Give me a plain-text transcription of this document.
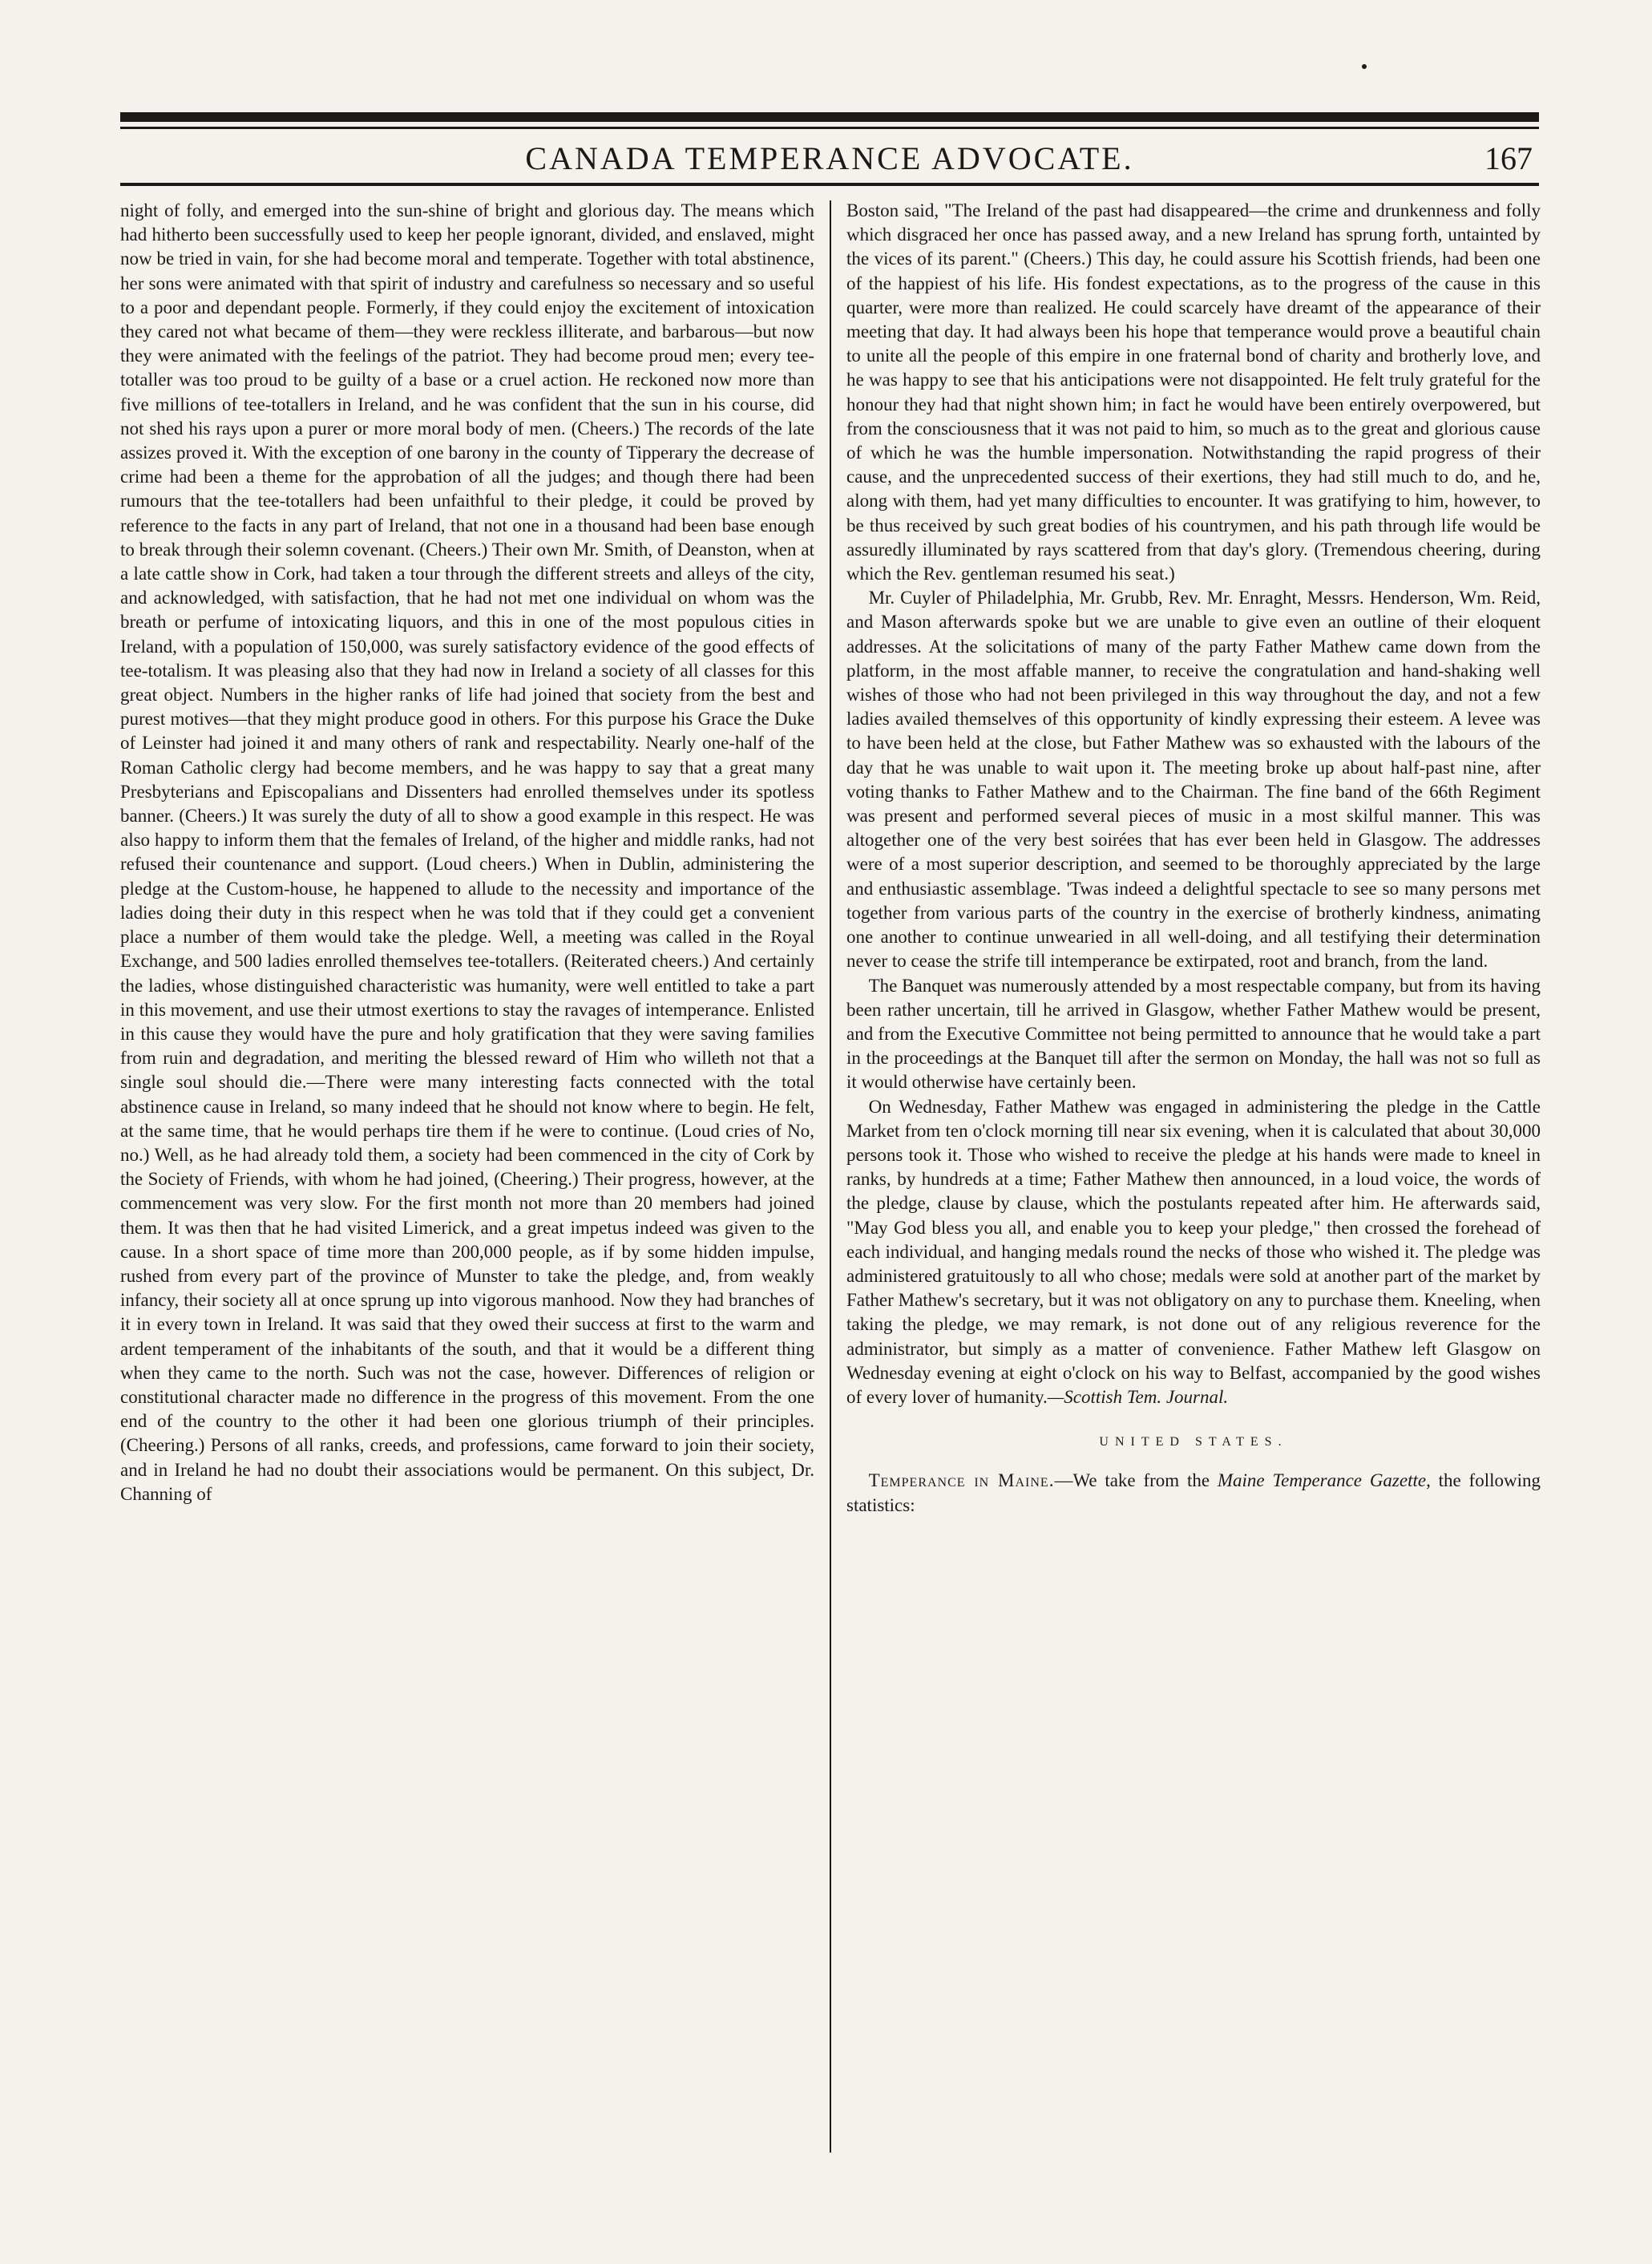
CANADA TEMPERANCE ADVOCATE.	167

night of folly, and emerged into the sun-shine of bright and glorious day. The means which had hitherto been successfully used to keep her people ignorant, divided, and enslaved, might now be tried in vain, for she had become moral and temperate. Together with total abstinence, her sons were animated with that spirit of industry and carefulness so necessary and so useful to a poor and dependant people. Formerly, if they could enjoy the excitement of intoxication they cared not what became of them—they were reckless illiterate, and barbarous—but now they were animated with the feelings of the patriot. They had become proud men; every tee-totaller was too proud to be guilty of a base or a cruel action. He reckoned now more than five millions of tee-totallers in Ireland, and he was confident that the sun in his course, did not shed his rays upon a purer or more moral body of men. (Cheers.) The records of the late assizes proved it. With the exception of one barony in the county of Tipperary the decrease of crime had been a theme for the approbation of all the judges; and though there had been rumours that the tee-totallers had been unfaithful to their pledge, it could be proved by reference to the facts in any part of Ireland, that not one in a thousand had been base enough to break through their solemn covenant. (Cheers.) Their own Mr. Smith, of Deanston, when at a late cattle show in Cork, had taken a tour through the different streets and alleys of the city, and acknowledged, with satisfaction, that he had not met one individual on whom was the breath or perfume of intoxicating liquors, and this in one of the most populous cities in Ireland, with a population of 150,000, was surely satisfactory evidence of the good effects of tee-totalism. It was pleasing also that they had now in Ireland a society of all classes for this great object. Numbers in the higher ranks of life had joined that society from the best and purest motives—that they might produce good in others. For this purpose his Grace the Duke of Leinster had joined it and many others of rank and respectability. Nearly one-half of the Roman Catholic clergy had become members, and he was happy to say that a great many Presbyterians and Episcopalians and Dissenters had enrolled themselves under its spotless banner. (Cheers.) It was surely the duty of all to show a good example in this respect. He was also happy to inform them that the females of Ireland, of the higher and middle ranks, had not refused their countenance and support. (Loud cheers.) When in Dublin, administering the pledge at the Custom-house, he happened to allude to the necessity and importance of the ladies doing their duty in this respect when he was told that if they could get a convenient place a number of them would take the pledge. Well, a meeting was called in the Royal Exchange, and 500 ladies enrolled themselves tee-totallers. (Reiterated cheers.) And certainly the ladies, whose distinguished characteristic was humanity, were well entitled to take a part in this movement, and use their utmost exertions to stay the ravages of intemperance. Enlisted in this cause they would have the pure and holy gratification that they were saving families from ruin and degradation, and meriting the blessed reward of Him who willeth not that a single soul should die.—There were many interesting facts connected with the total abstinence cause in Ireland, so many indeed that he should not know where to begin. He felt, at the same time, that he would perhaps tire them if he were to continue. (Loud cries of No, no.) Well, as he had already told them, a society had been commenced in the city of Cork by the Society of Friends, with whom he had joined, (Cheering.) Their progress, however, at the commencement was very slow. For the first month not more than 20 members had joined them. It was then that he had visited Limerick, and a great impetus indeed was given to the cause. In a short space of time more than 200,000 people, as if by some hidden impulse, rushed from every part of the province of Munster to take the pledge, and, from weakly infancy, their society all at once sprung up into vigorous manhood. Now they had branches of it in every town in Ireland. It was said that they owed their success at first to the warm and ardent temperament of the inhabitants of the south, and that it would be a different thing when they came to the north. Such was not the case, however. Differences of religion or constitutional character made no difference in the progress of this movement. From the one end of the country to the other it had been one glorious triumph of their principles. (Cheering.) Persons of all ranks, creeds, and professions, came forward to join their society, and in Ireland he had no doubt their associations would be permanent. On this subject, Dr. Channing of

Boston said, "The Ireland of the past had disappeared—the crime and drunkenness and folly which disgraced her once has passed away, and a new Ireland has sprung forth, untainted by the vices of its parent." (Cheers.) This day, he could assure his Scottish friends, had been one of the happiest of his life. His fondest expectations, as to the progress of the cause in this quarter, were more than realized. He could scarcely have dreamt of the appearance of their meeting that day. It had always been his hope that temperance would prove a beautiful chain to unite all the people of this empire in one fraternal bond of charity and brotherly love, and he was happy to see that his anticipations were not disappointed. He felt truly grateful for the honour they had that night shown him; in fact he would have been entirely overpowered, but from the consciousness that it was not paid to him, so much as to the great and glorious cause of which he was the humble impersonation. Notwithstanding the rapid progress of their cause, and the unprecedented success of their exertions, they had still much to do, and he, along with them, had yet many difficulties to encounter. It was gratifying to him, however, to be thus received by such great bodies of his countrymen, and his path through life would be assuredly illuminated by rays scattered from that day's glory. (Tremendous cheering, during which the Rev. gentleman resumed his seat.)

Mr. Cuyler of Philadelphia, Mr. Grubb, Rev. Mr. Enraght, Messrs. Henderson, Wm. Reid, and Mason afterwards spoke but we are unable to give even an outline of their eloquent addresses. At the solicitations of many of the party Father Mathew came down from the platform, in the most affable manner, to receive the congratulation and hand-shaking well wishes of those who had not been privileged in this way throughout the day, and not a few ladies availed themselves of this opportunity of kindly expressing their esteem. A levee was to have been held at the close, but Father Mathew was so exhausted with the labours of the day that he was unable to wait upon it. The meeting broke up about half-past nine, after voting thanks to Father Mathew and to the Chairman. The fine band of the 66th Regiment was present and performed several pieces of music in a most skilful manner. This was altogether one of the very best soirées that has ever been held in Glasgow. The addresses were of a most superior description, and seemed to be thoroughly appreciated by the large and enthusiastic assemblage. 'Twas indeed a delightful spectacle to see so many persons met together from various parts of the country in the exercise of brotherly kindness, animating one another to continue unwearied in all well-doing, and all testifying their determination never to cease the strife till intemperance be extirpated, root and branch, from the land.

The Banquet was numerously attended by a most respectable company, but from its having been rather uncertain, till he arrived in Glasgow, whether Father Mathew would be present, and from the Executive Committee not being permitted to announce that he would take a part in the proceedings at the Banquet till after the sermon on Monday, the hall was not so full as it would otherwise have certainly been.

On Wednesday, Father Mathew was engaged in administering the pledge in the Cattle Market from ten o'clock morning till near six evening, when it is calculated that about 30,000 persons took it. Those who wished to receive the pledge at his hands were made to kneel in ranks, by hundreds at a time; Father Mathew then announced, in a loud voice, the words of the pledge, clause by clause, which the postulants repeated after him. He afterwards said, "May God bless you all, and enable you to keep your pledge," then crossed the forehead of each individual, and hanging medals round the necks of those who wished it. The pledge was administered gratuitously to all who chose; medals were sold at another part of the market by Father Mathew's secretary, but it was not obligatory on any to purchase them. Kneeling, when taking the pledge, we may remark, is not done out of any religious reverence for the administrator, but simply as a matter of convenience. Father Mathew left Glasgow on Wednesday evening at eight o'clock on his way to Belfast, accompanied by the good wishes of every lover of humanity.—Scottish Tem. Journal.

UNITED STATES.

Temperance in Maine.—We take from the Maine Temperance Gazette, the following statistics:
